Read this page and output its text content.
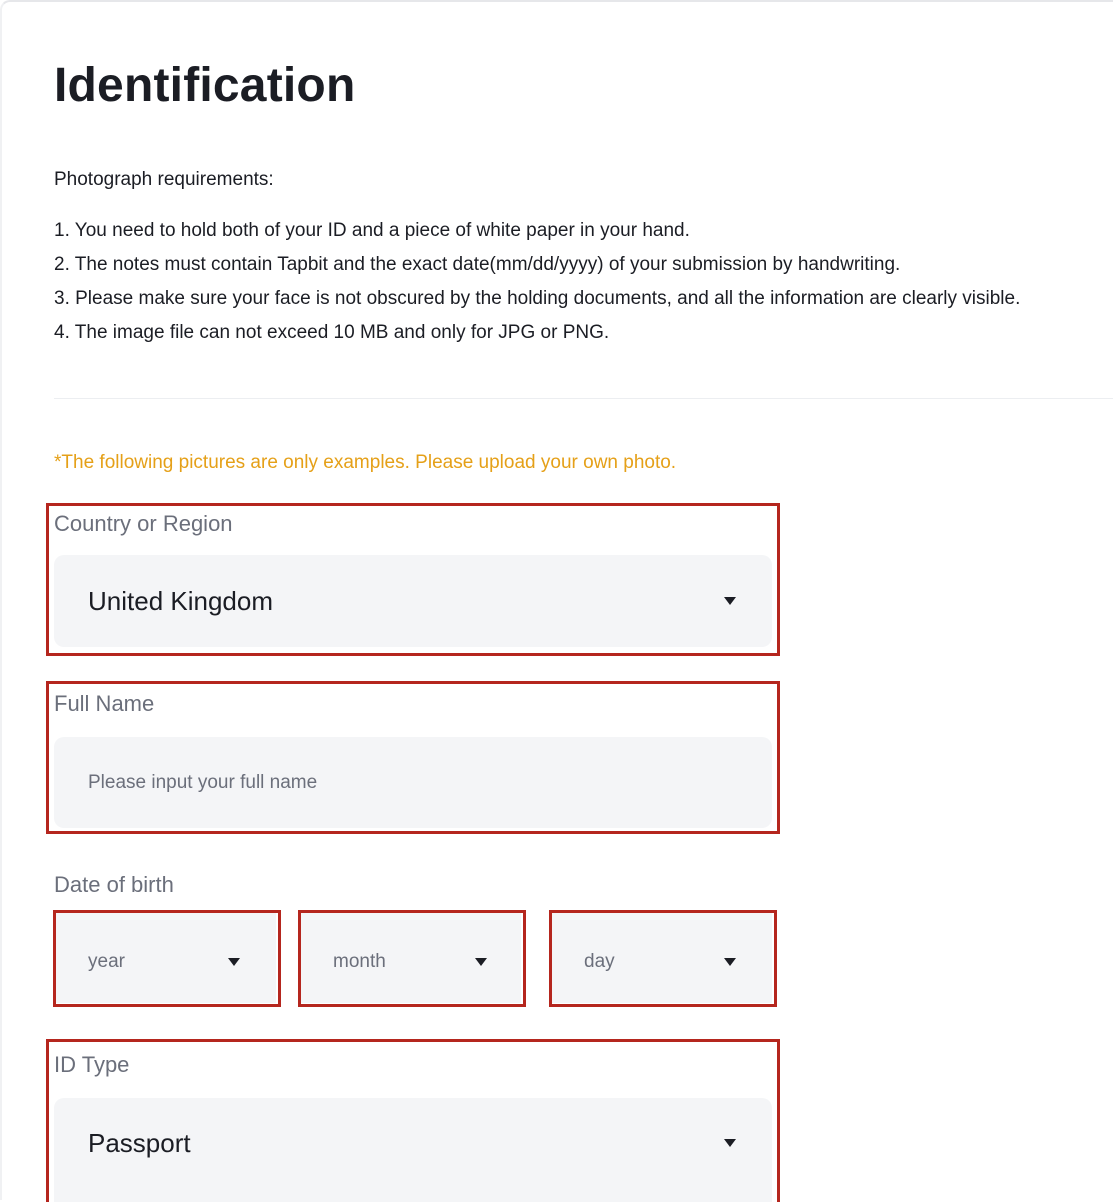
Identification
Photograph requirements:
1. You need to hold both of your ID and a piece of white paper in your hand.
2. The notes must contain Tapbit and the exact date(mm/dd/yyyy) of your submission by handwriting.
3. Please make sure your face is not obscured by the holding documents, and all the information are clearly visible.
4. The image file can not exceed 10 MB and only for JPG or PNG.
*The following pictures are only examples. Please upload your own photo.
Country or Region
United Kingdom
Full Name
Please input your full name
Date of birth
year	month	day
ID Type
Passport
